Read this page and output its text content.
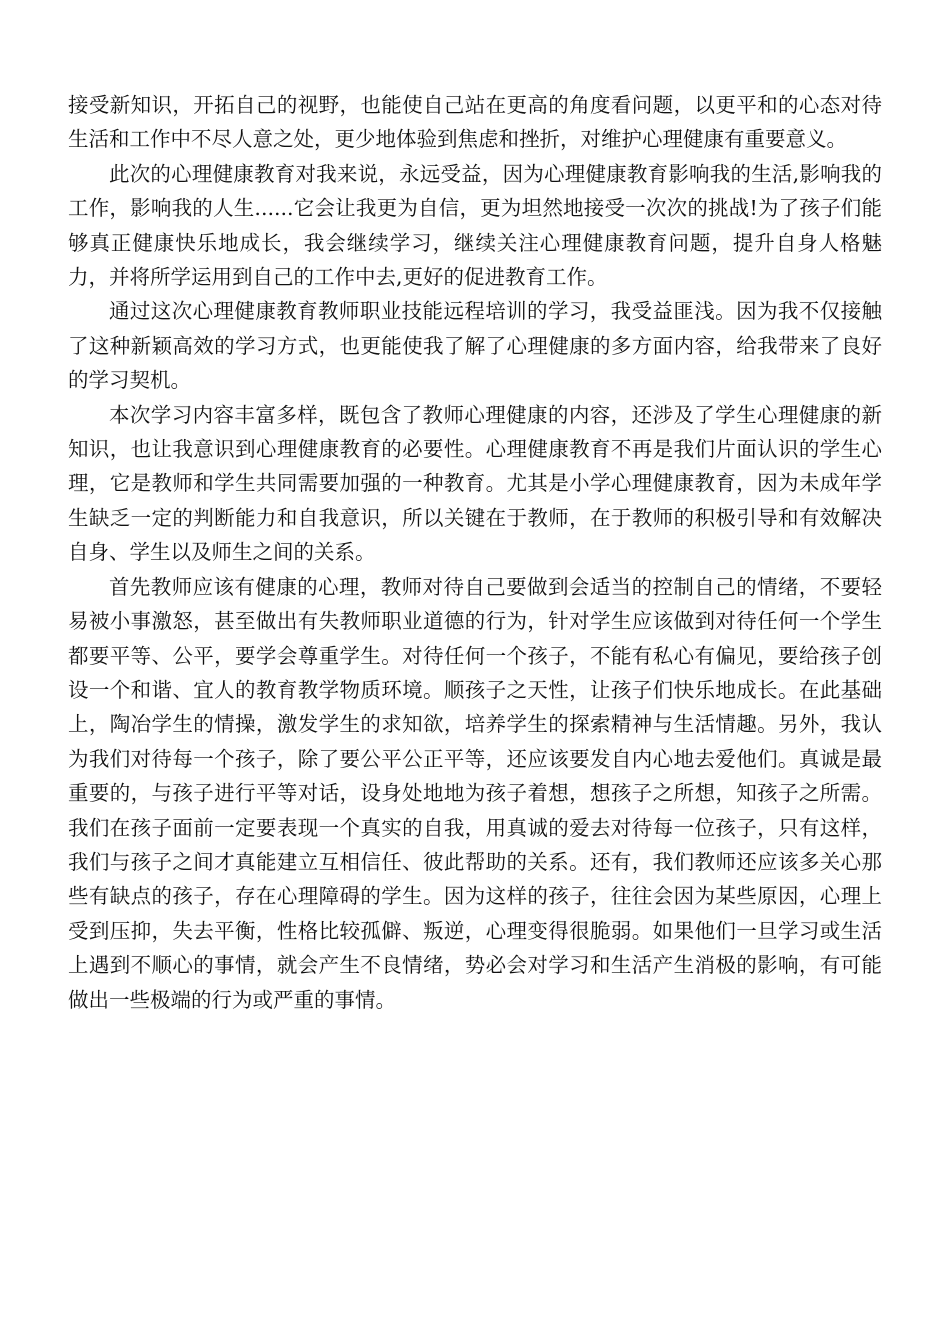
接受新知识，开拓自己的视野，也能使自己站在更高的角度看问题，以更平和的心态对待生活和工作中不尽人意之处，更少地体验到焦虑和挫折，对维护心理健康有重要意义。

此次的心理健康教育对我来说，永远受益，因为心理健康教育影响我的生活,影响我的工作，影响我的人生......它会让我更为自信，更为坦然地接受一次次的挑战!为了孩子们能够真正健康快乐地成长，我会继续学习，继续关注心理健康教育问题，提升自身人格魅力，并将所学运用到自己的工作中去,更好的促进教育工作。

通过这次心理健康教育教师职业技能远程培训的学习，我受益匪浅。因为我不仅接触了这种新颖高效的学习方式，也更能使我了解了心理健康的多方面内容，给我带来了良好的学习契机。

本次学习内容丰富多样，既包含了教师心理健康的内容，还涉及了学生心理健康的新知识，也让我意识到心理健康教育的必要性。心理健康教育不再是我们片面认识的学生心理，它是教师和学生共同需要加强的一种教育。尤其是小学心理健康教育，因为未成年学生缺乏一定的判断能力和自我意识，所以关键在于教师，在于教师的积极引导和有效解决自身、学生以及师生之间的关系。

首先教师应该有健康的心理，教师对待自己要做到会适当的控制自己的情绪，不要轻易被小事激怒，甚至做出有失教师职业道德的行为，针对学生应该做到对待任何一个学生都要平等、公平，要学会尊重学生。对待任何一个孩子，不能有私心有偏见，要给孩子创设一个和谐、宜人的教育教学物质环境。顺孩子之天性，让孩子们快乐地成长。在此基础上，陶冶学生的情操，激发学生的求知欲，培养学生的探索精神与生活情趣。另外，我认为我们对待每一个孩子，除了要公平公正平等，还应该要发自内心地去爱他们。真诚是最重要的，与孩子进行平等对话，设身处地地为孩子着想，想孩子之所想，知孩子之所需。我们在孩子面前一定要表现一个真实的自我，用真诚的爱去对待每一位孩子，只有这样，我们与孩子之间才真能建立互相信任、彼此帮助的关系。还有，我们教师还应该多关心那些有缺点的孩子，存在心理障碍的学生。因为这样的孩子，往往会因为某些原因，心理上受到压抑，失去平衡，性格比较孤僻、叛逆，心理变得很脆弱。如果他们一旦学习或生活上遇到不顺心的事情，就会产生不良情绪，势必会对学习和生活产生消极的影响，有可能做出一些极端的行为或严重的事情。
